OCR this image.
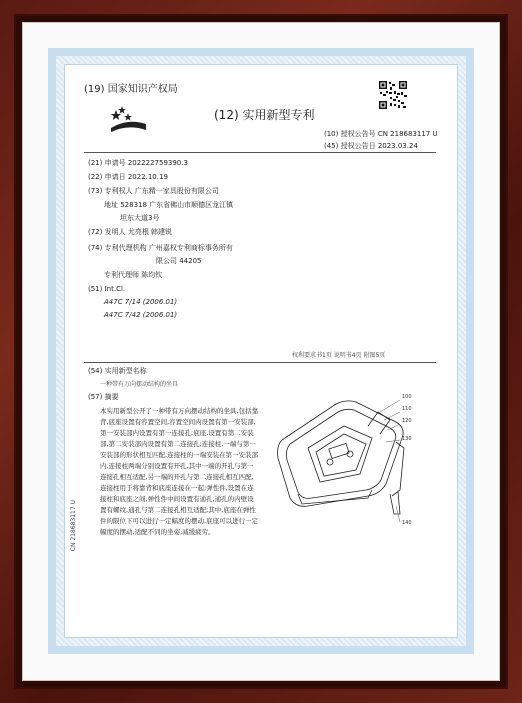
(19) 国家知识产权局
(12) 实用新型专利
(10) 授权公告号 CN 218683117 U
(45) 授权公告日 2023.03.24
(21) 申请号 202222759390.3
(22) 申请日 2022.10.19
(73) 专利权人 广东精一家具股份有限公司
地址 528318 广东省佛山市顺德区龙江镇
坦东大道3号
(72) 发明人 尤亮根 韩建锐
(74) 专利代理机构 广州嘉权专利商标事务所有
限公司 44205
专利代理师 陈均钦
(51) Int.Cl.
A47C 7/14 (2006.01)
A47C 7/42 (2006.01)
权利要求书1页 说明书4页 附图5页
(54) 实用新型名称
一种带有万向摆动结构的坐具
(57) 摘要
本实用新型公开了一种带有万向摆动结构的坐具,包括靠背,底座设置有容置空间,容置空间内设置有第一安装部,第一安装部内设置有第一连接孔;底座,设置有第二安装部,第二安装部内设置有第二连接孔;连接柱,一端与第一安装部的形状相互匹配,连接柱的一端安装在第一安装部内,连接柱两端分别设置有开孔,其中一端的开孔与第一连接孔相互适配,另一端的开孔与第二连接孔相互匹配,连接柱用于将靠背和底座连接在一起;弹性件,设置在连接柱和底座之间,弹性件中间设置有通孔,通孔的内壁设置有螺纹,通孔与第二连接孔相互适配;其中,底座在弹性件的限位下可以进行一定幅度的摆动,底座可以进行一定幅度的摆动,适配不同的坐姿,减缓疲劳。
CN 218683117 U
100
110
120
130
140
